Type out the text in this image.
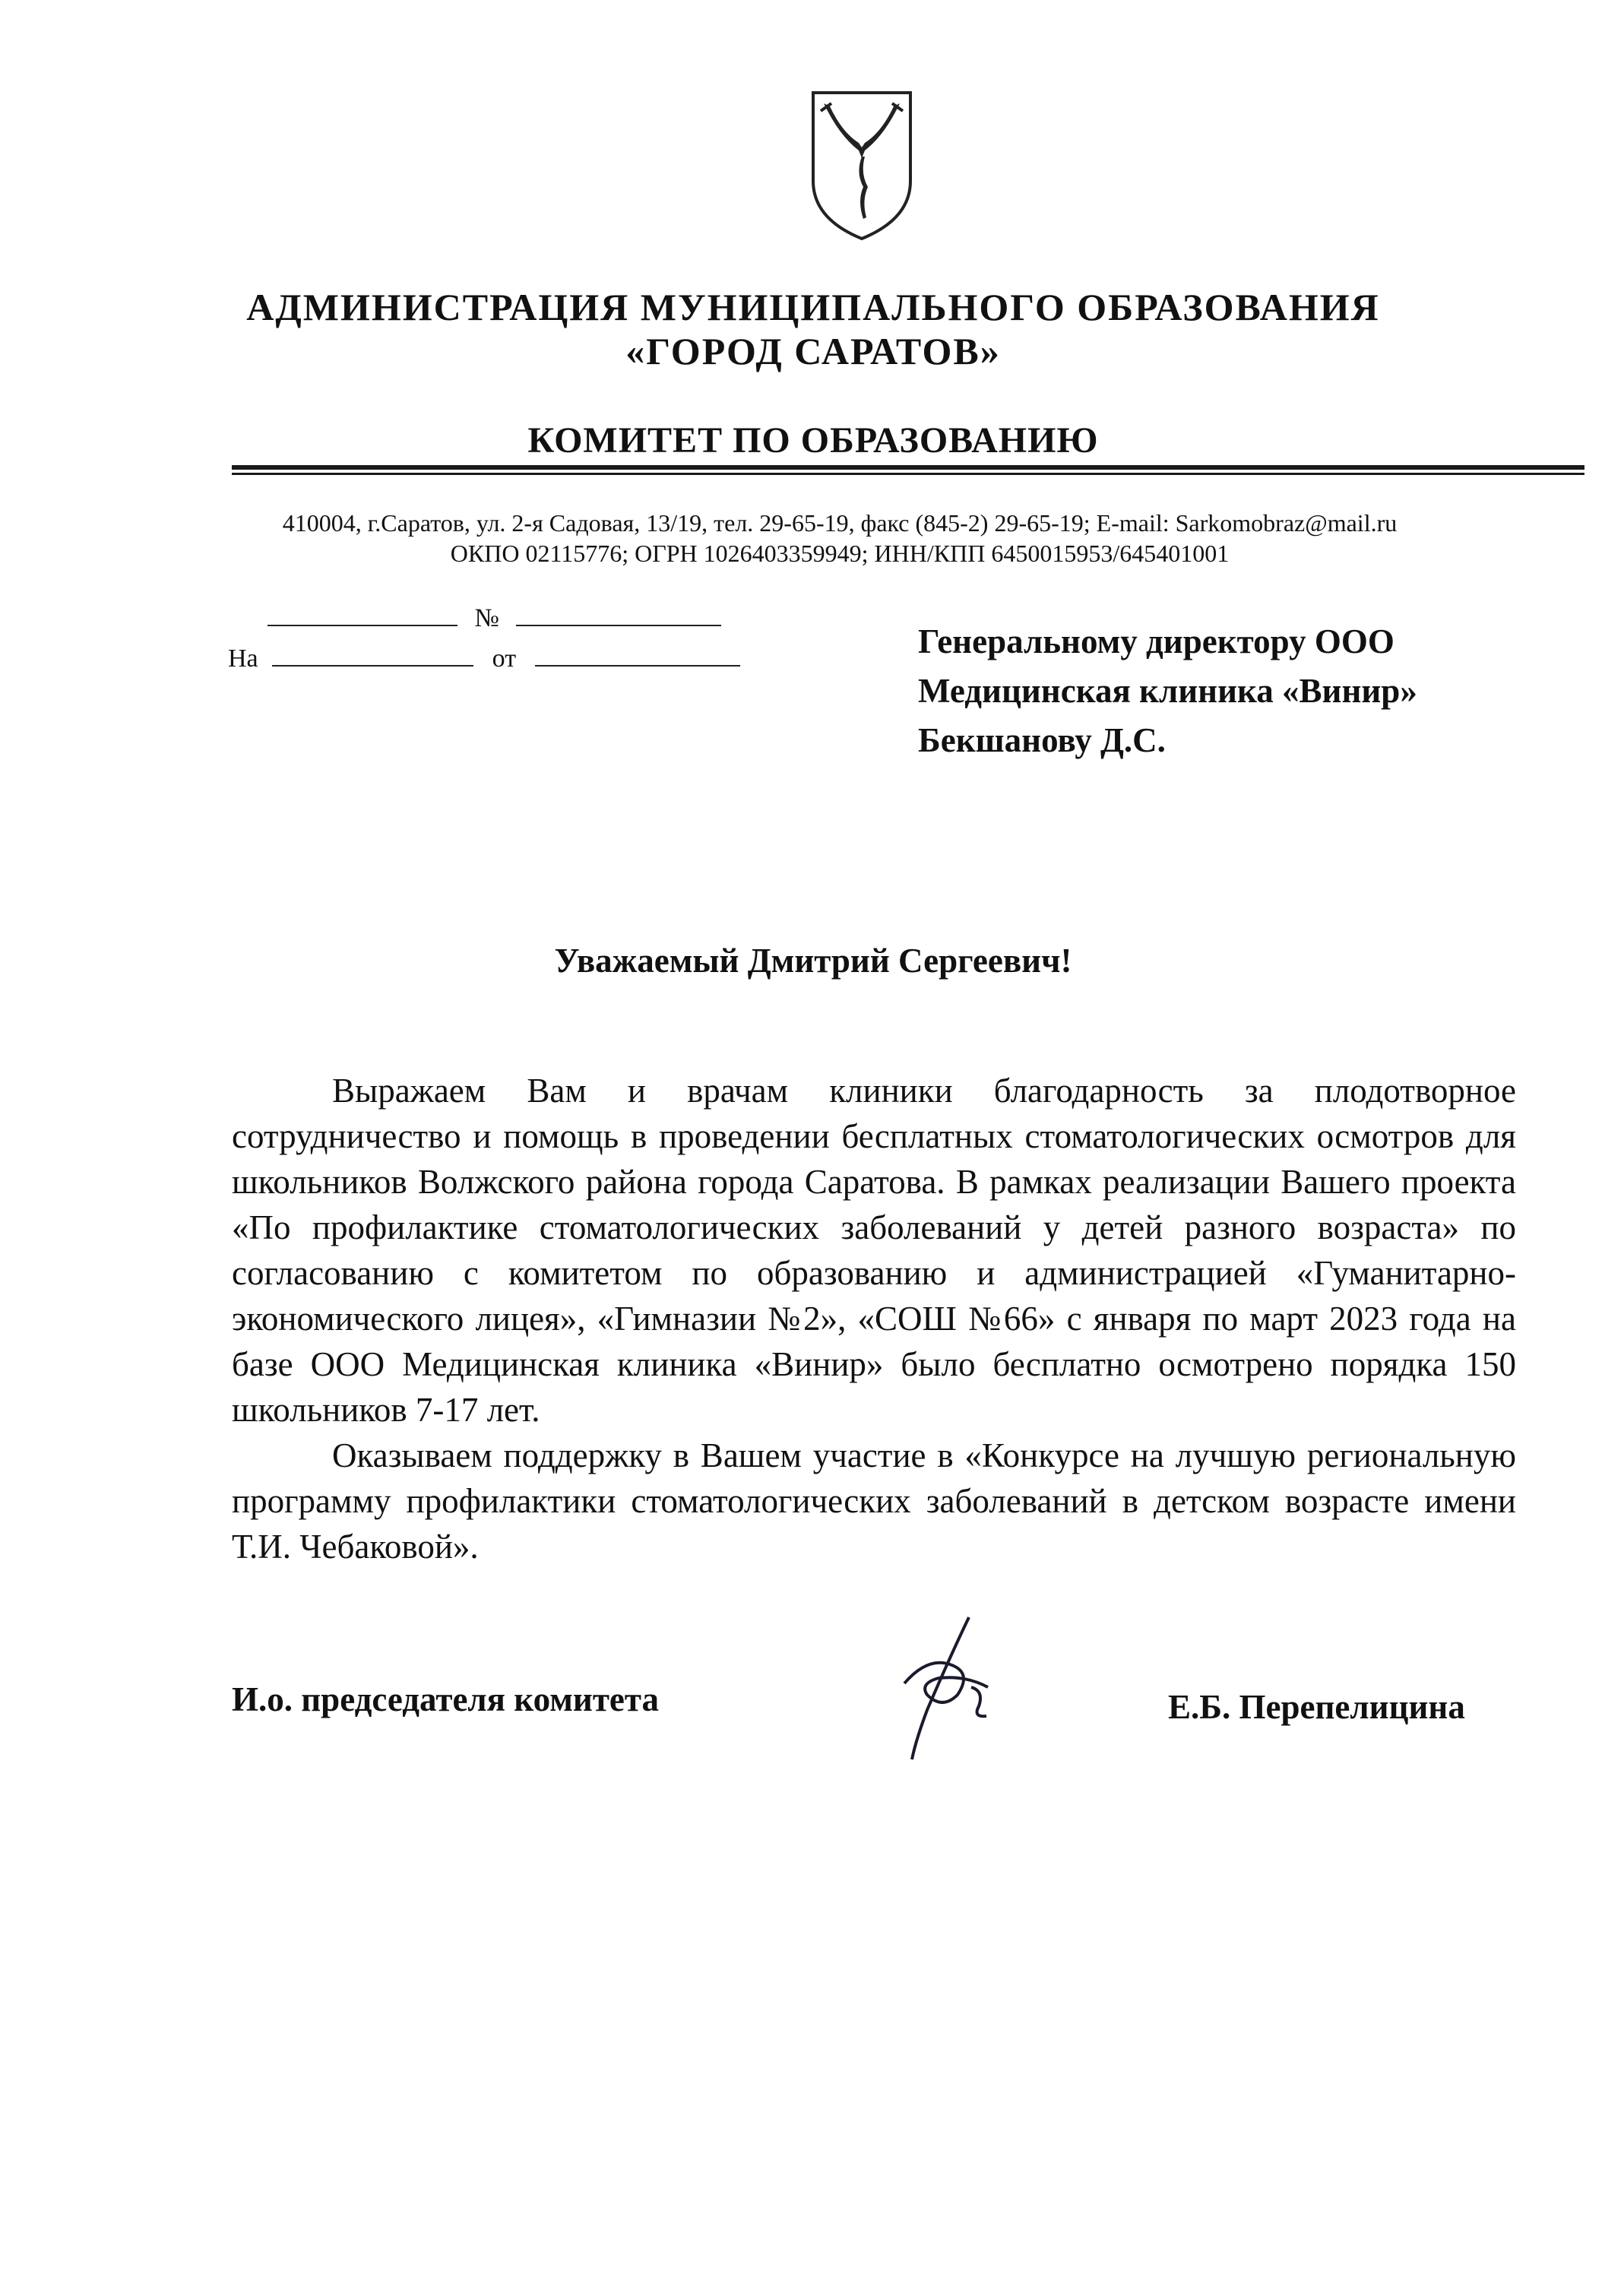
АДМИНИСТРАЦИЯ МУНИЦИПАЛЬНОГО ОБРАЗОВАНИЯ
«ГОРОД САРАТОВ»
КОМИТЕТ ПО ОБРАЗОВАНИЮ
410004, г.Саратов, ул. 2-я Садовая, 13/19, тел. 29-65-19, факс (845-2) 29-65-19; E-mail: Sarkomobraz@mail.ru
ОКПО 02115776; ОГРН 1026403359949; ИНН/КПП 6450015953/645401001
№
На	от	Генеральному директору ООО
Медицинская клиника «Винир»
Бекшанову Д.С.
Уважаемый Дмитрий Сергеевич!

Выражаем Вам и врачам клиники благодарность за плодотворное сотрудничество и помощь в проведении бесплатных стоматологических осмотров для школьников Волжского района города Саратова. В рамках реализации Вашего проекта «По профилактике стоматологических заболеваний у детей разного возраста» по согласованию с комитетом по образованию и администрацией «Гуманитарно-экономического лицея», «Гимназии №2», «СОШ №66» с января по март 2023 года на базе ООО Медицинская клиника «Винир» было бесплатно осмотрено порядка 150 школьников 7-17 лет.

Оказываем поддержку в Вашем участие в «Конкурсе на лучшую региональную программу профилактики стоматологических заболеваний в детском возрасте имени Т.И. Чебаковой».

И.о. председателя комитета	Е.Б. Перепелицина
